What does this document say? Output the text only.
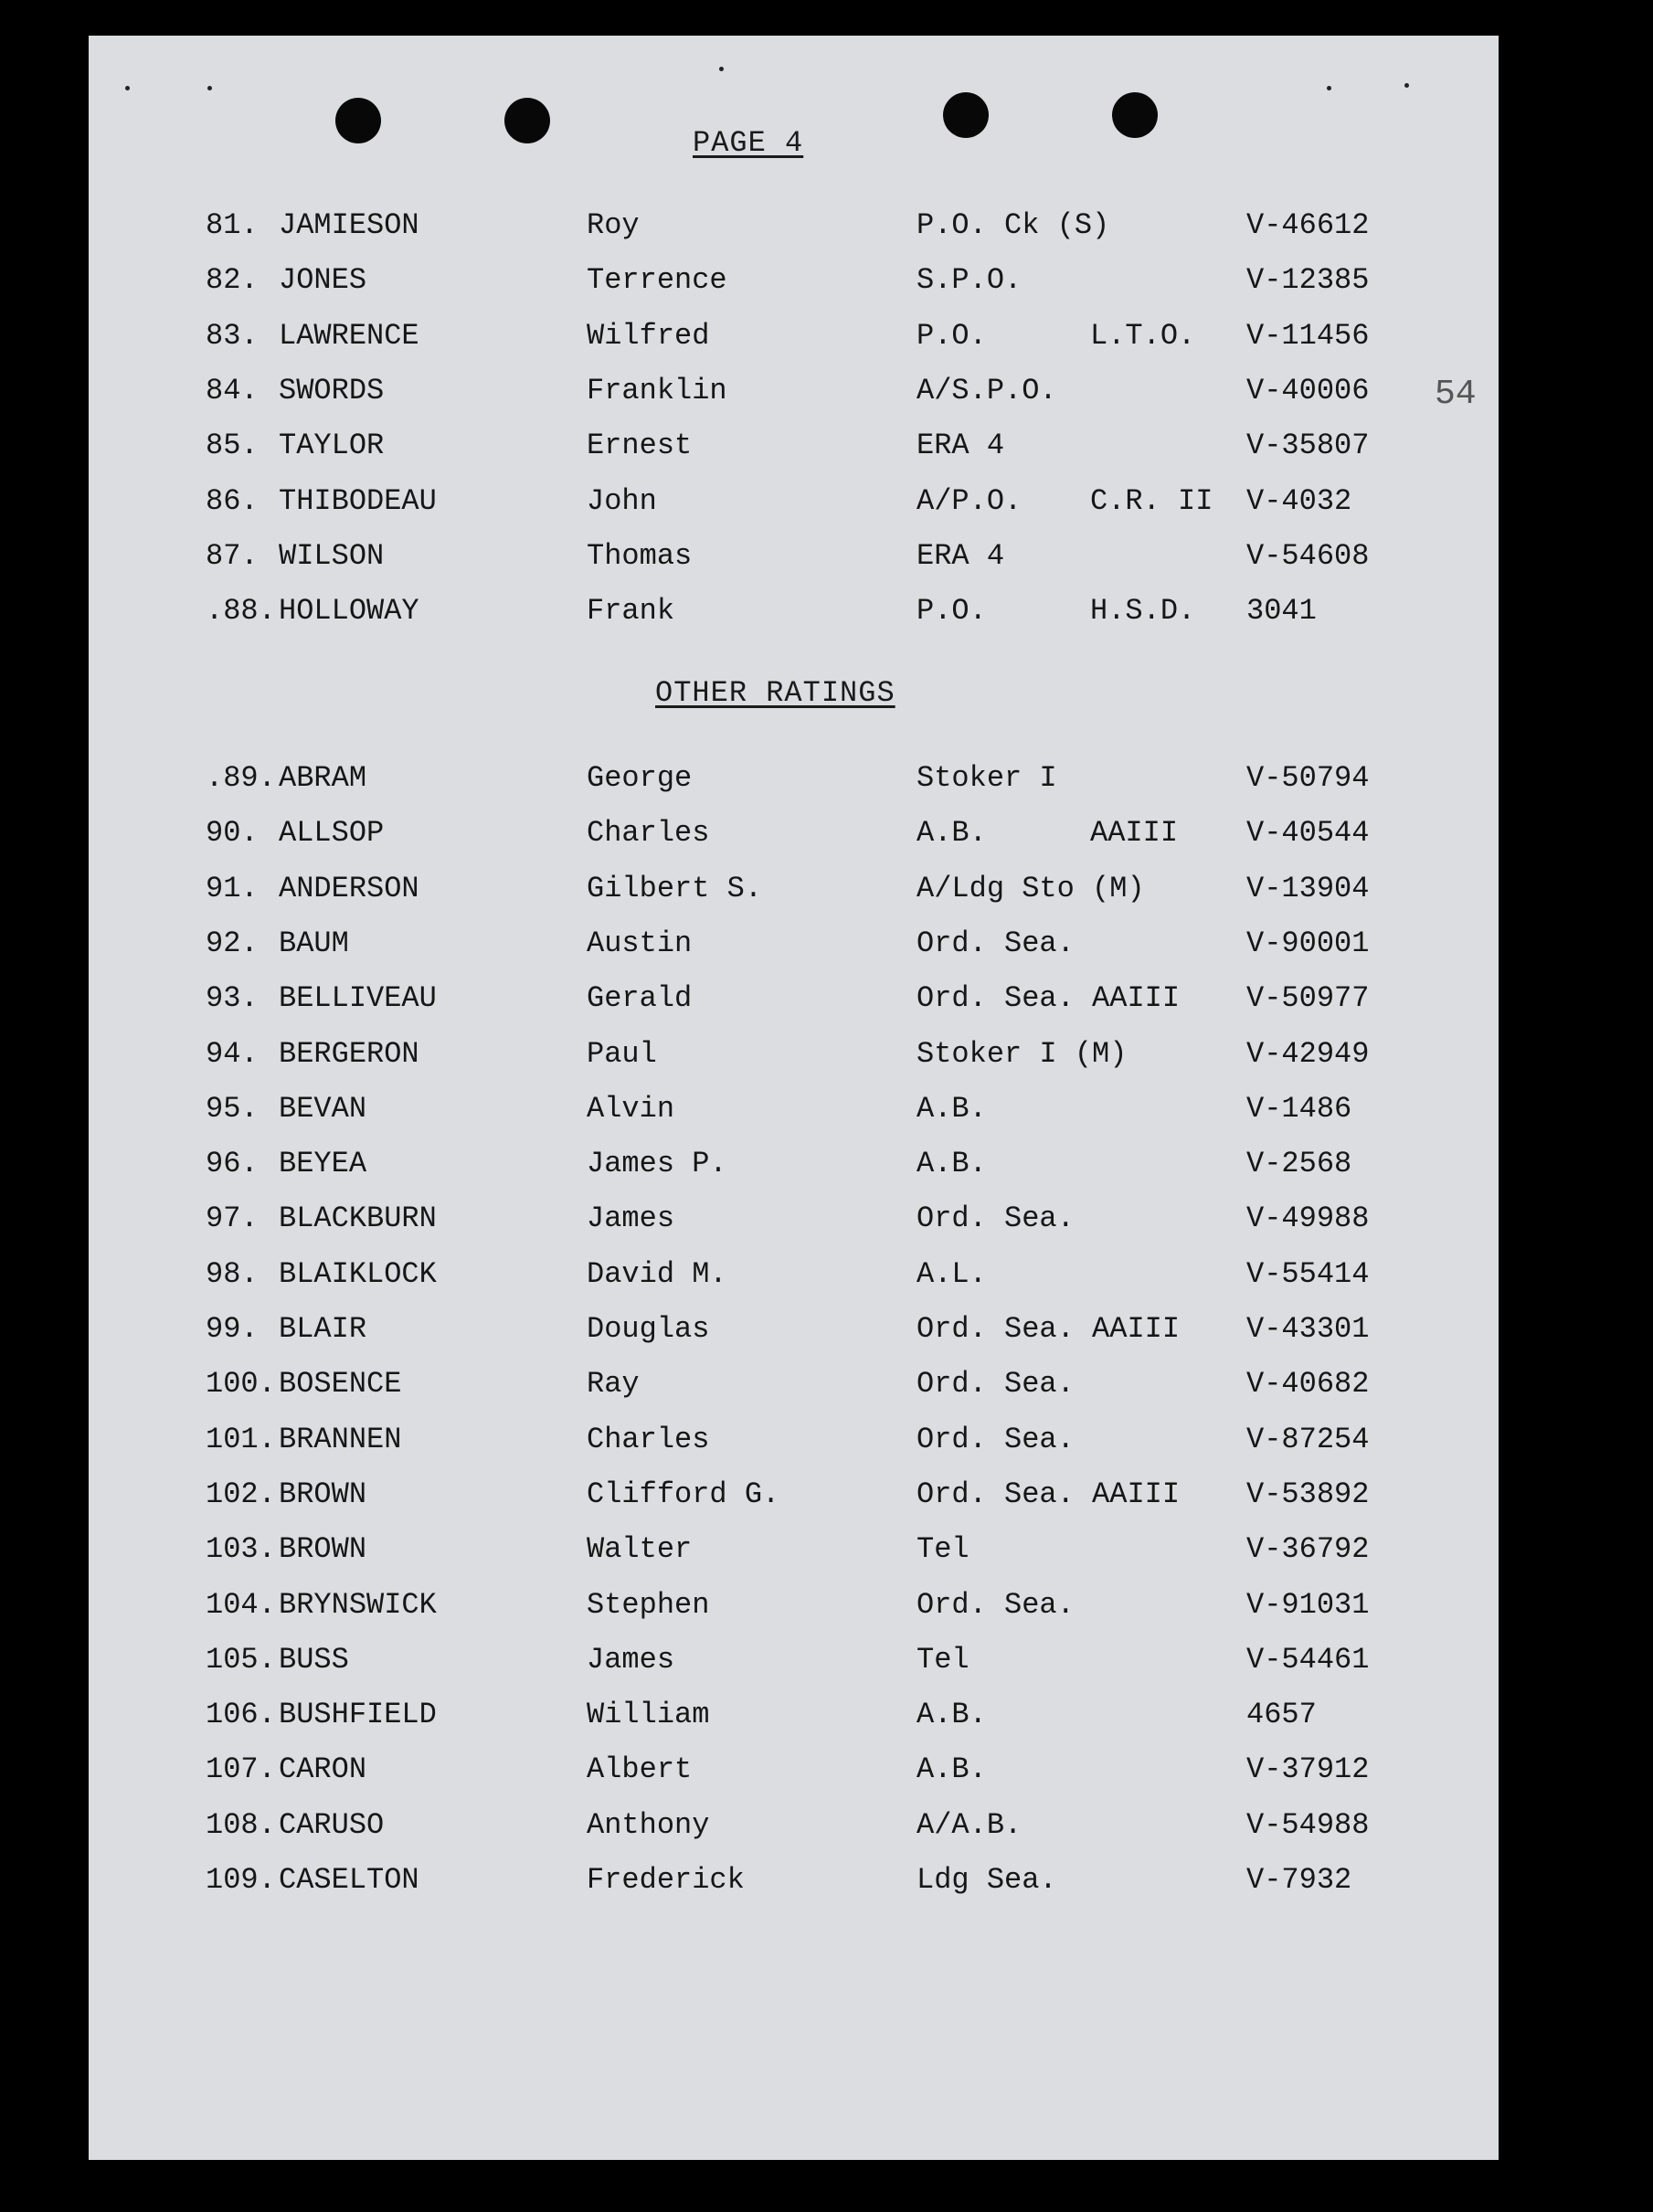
PAGE 4
54
81. JAMIESON	Roy	P.O. Ck (S)	V-46612
82. JONES	Terrence	S.P.O.	V-12385
83. LAWRENCE	Wilfred	P.O.	L.T.O. V-11456
84. SWORDS	Franklin	A/S.P.O.	V-40006
85. TAYLOR	Ernest	ERA 4	V-35807
86. THIBODEAU	John	A/P.O. C.R. II V-4032
87. WILSON	Thomas	ERA 4	V-54608
.88. HOLLOWAY	Frank	P.O.	H.S.D. 3041
OTHER RATINGS
.89. ABRAM	George	Stoker I	V-50794
90. ALLSOP	Charles	A.B.	AAIII V-40544
91. ANDERSON	Gilbert S.	A/Ldg Sto (M)	V-13904
92. BAUM	Austin	Ord. Sea.	V-90001
93. BELLIVEAU	Gerald	Ord. Sea. AAIII V-50977
94. BERGERON	Paul	Stoker I (M)	V-42949
95. BEVAN	Alvin	A.B.	V-1486
96. BEYEA	James P.	A.B.	V-2568
97. BLACKBURN	James	Ord. Sea.	V-49988
98. BLAIKLOCK	David M.	A.L.	V-55414
99. BLAIR	Douglas	Ord. Sea. AAIII V-43301
100. BOSENCE	Ray	Ord. Sea.	V-40682
101. BRANNEN	Charles	Ord. Sea.	V-87254
102. BROWN	Clifford G.	Ord. Sea. AAIII V-53892
103. BROWN	Walter	Tel	V-36792
104. BRYNSWICK	Stephen	Ord. Sea.	V-91031
105. BUSS	James	Tel	V-54461
106. BUSHFIELD	William	A.B.	4657
107. CARON	Albert	A.B.	V-37912
108. CARUSO	Anthony	A/A.B.	V-54988
109. CASELTON	Frederick	Ldg Sea.	V-7932
